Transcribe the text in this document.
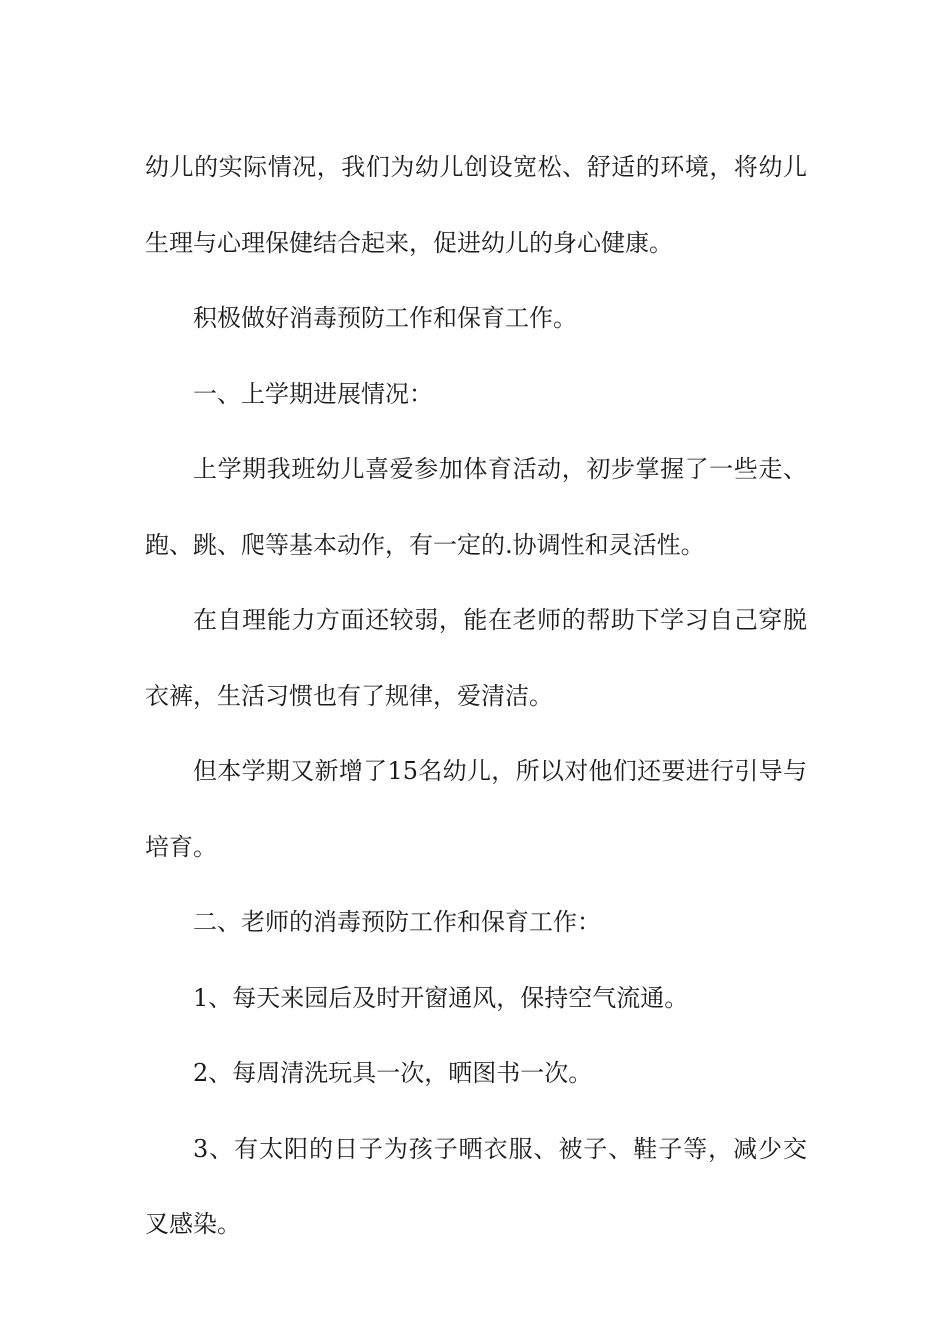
幼儿的实际情况，我们为幼儿创设宽松、舒适的环境，将幼儿生理与心理保健结合起来，促进幼儿的身心健康。

积极做好消毒预防工作和保育工作。

一、上学期进展情况：

上学期我班幼儿喜爱参加体育活动，初步掌握了一些走、跑、跳、爬等基本动作，有一定的.协调性和灵活性。

在自理能力方面还较弱，能在老师的帮助下学习自己穿脱衣裤，生活习惯也有了规律，爱清洁。

但本学期又新增了15名幼儿，所以对他们还要进行引导与培育。

二、老师的消毒预防工作和保育工作：

1、每天来园后及时开窗通风，保持空气流通。

2、每周清洗玩具一次，晒图书一次。

3、有太阳的日子为孩子晒衣服、被子、鞋子等，减少交叉感染。
